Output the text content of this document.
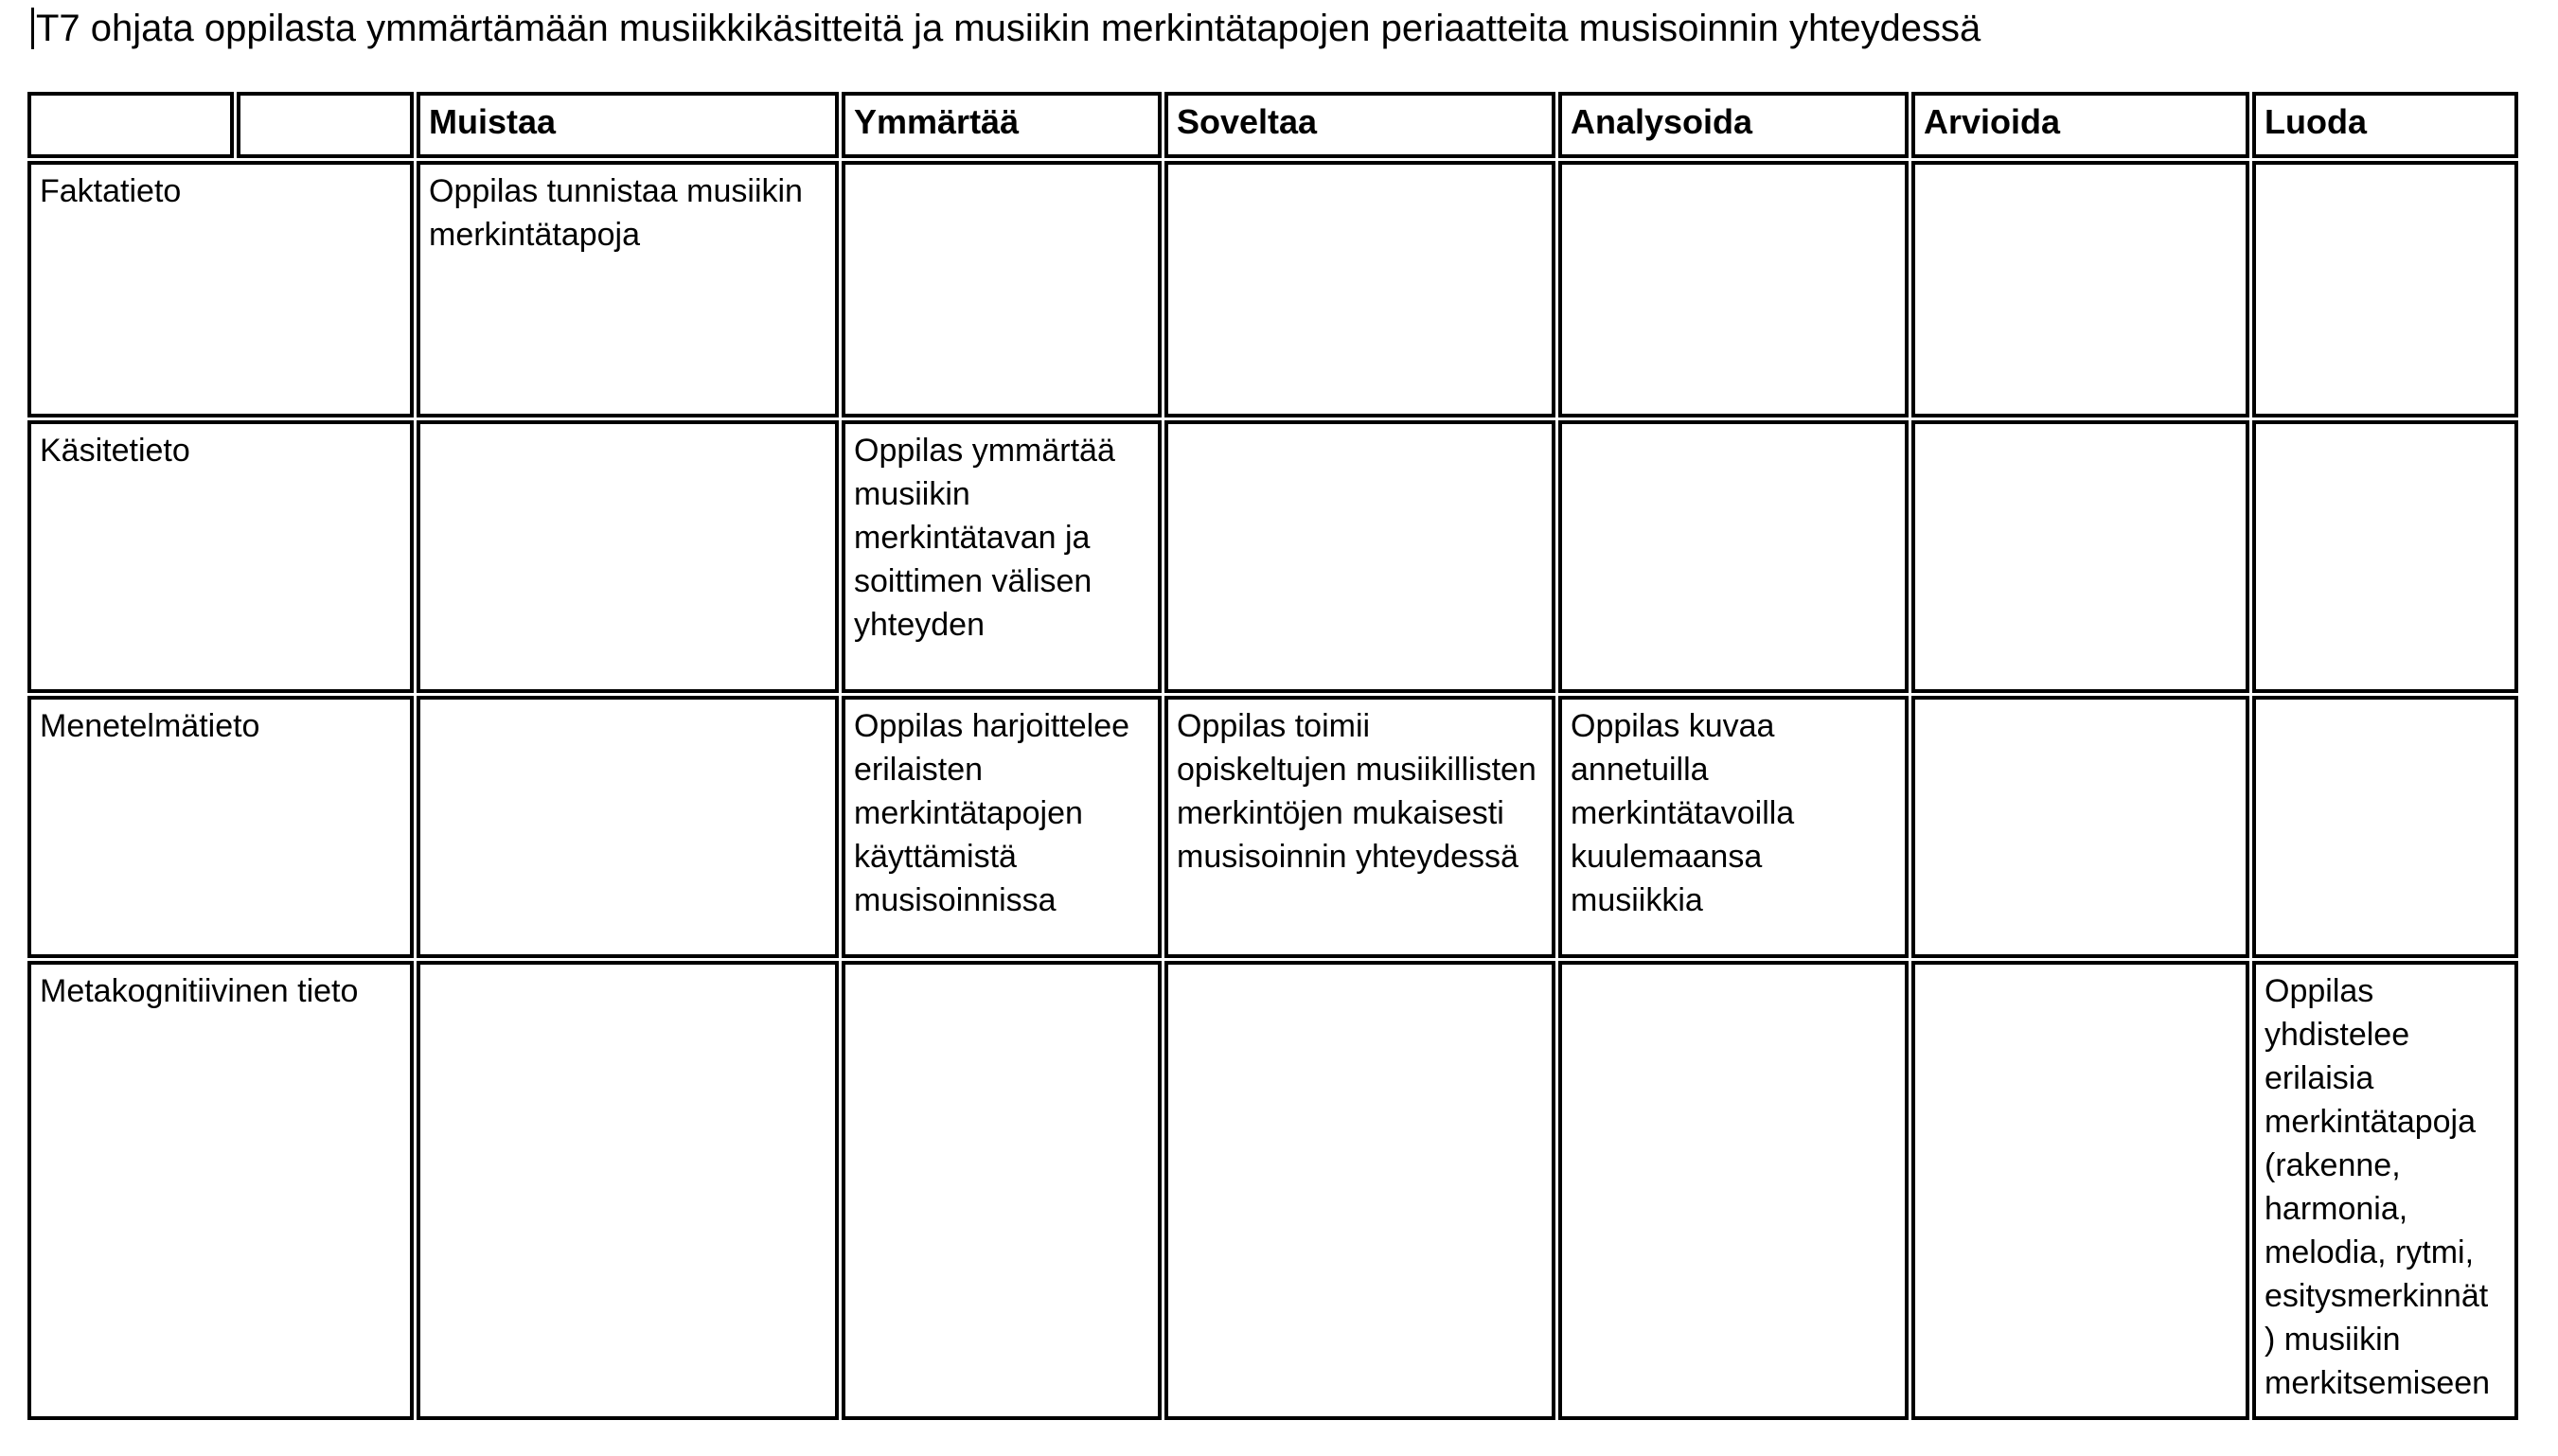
T7 ohjata oppilasta ymmärtämään musiikkikäsitteitä ja musiikin merkintätapojen periaatteita musisoinnin yhteydessä
		Muistaa	Ymmärtää	Soveltaa	Analysoida	Arvioida	Luoda
Faktatieto		Oppilas tunnistaa musiikin merkintätapoja					
Käsitetieto			Oppilas ymmärtää musiikin merkintätavan ja soittimen välisen yhteyden				
Menetelmätieto			Oppilas harjoittelee erilaisten merkintätapojen käyttämistä musisoinnissa	Oppilas toimii opiskeltujen musiikillisten merkintöjen mukaisesti musisoinnin yhteydessä	Oppilas kuvaa annetuilla merkintätavoilla kuulemaansa musiikkia		
Metakognitiivinen tieto							Oppilas yhdistelee erilaisia merkintätapoja (rakenne, harmonia, melodia, rytmi, esitysmerkinnät ) musiikin merkitsemiseen
